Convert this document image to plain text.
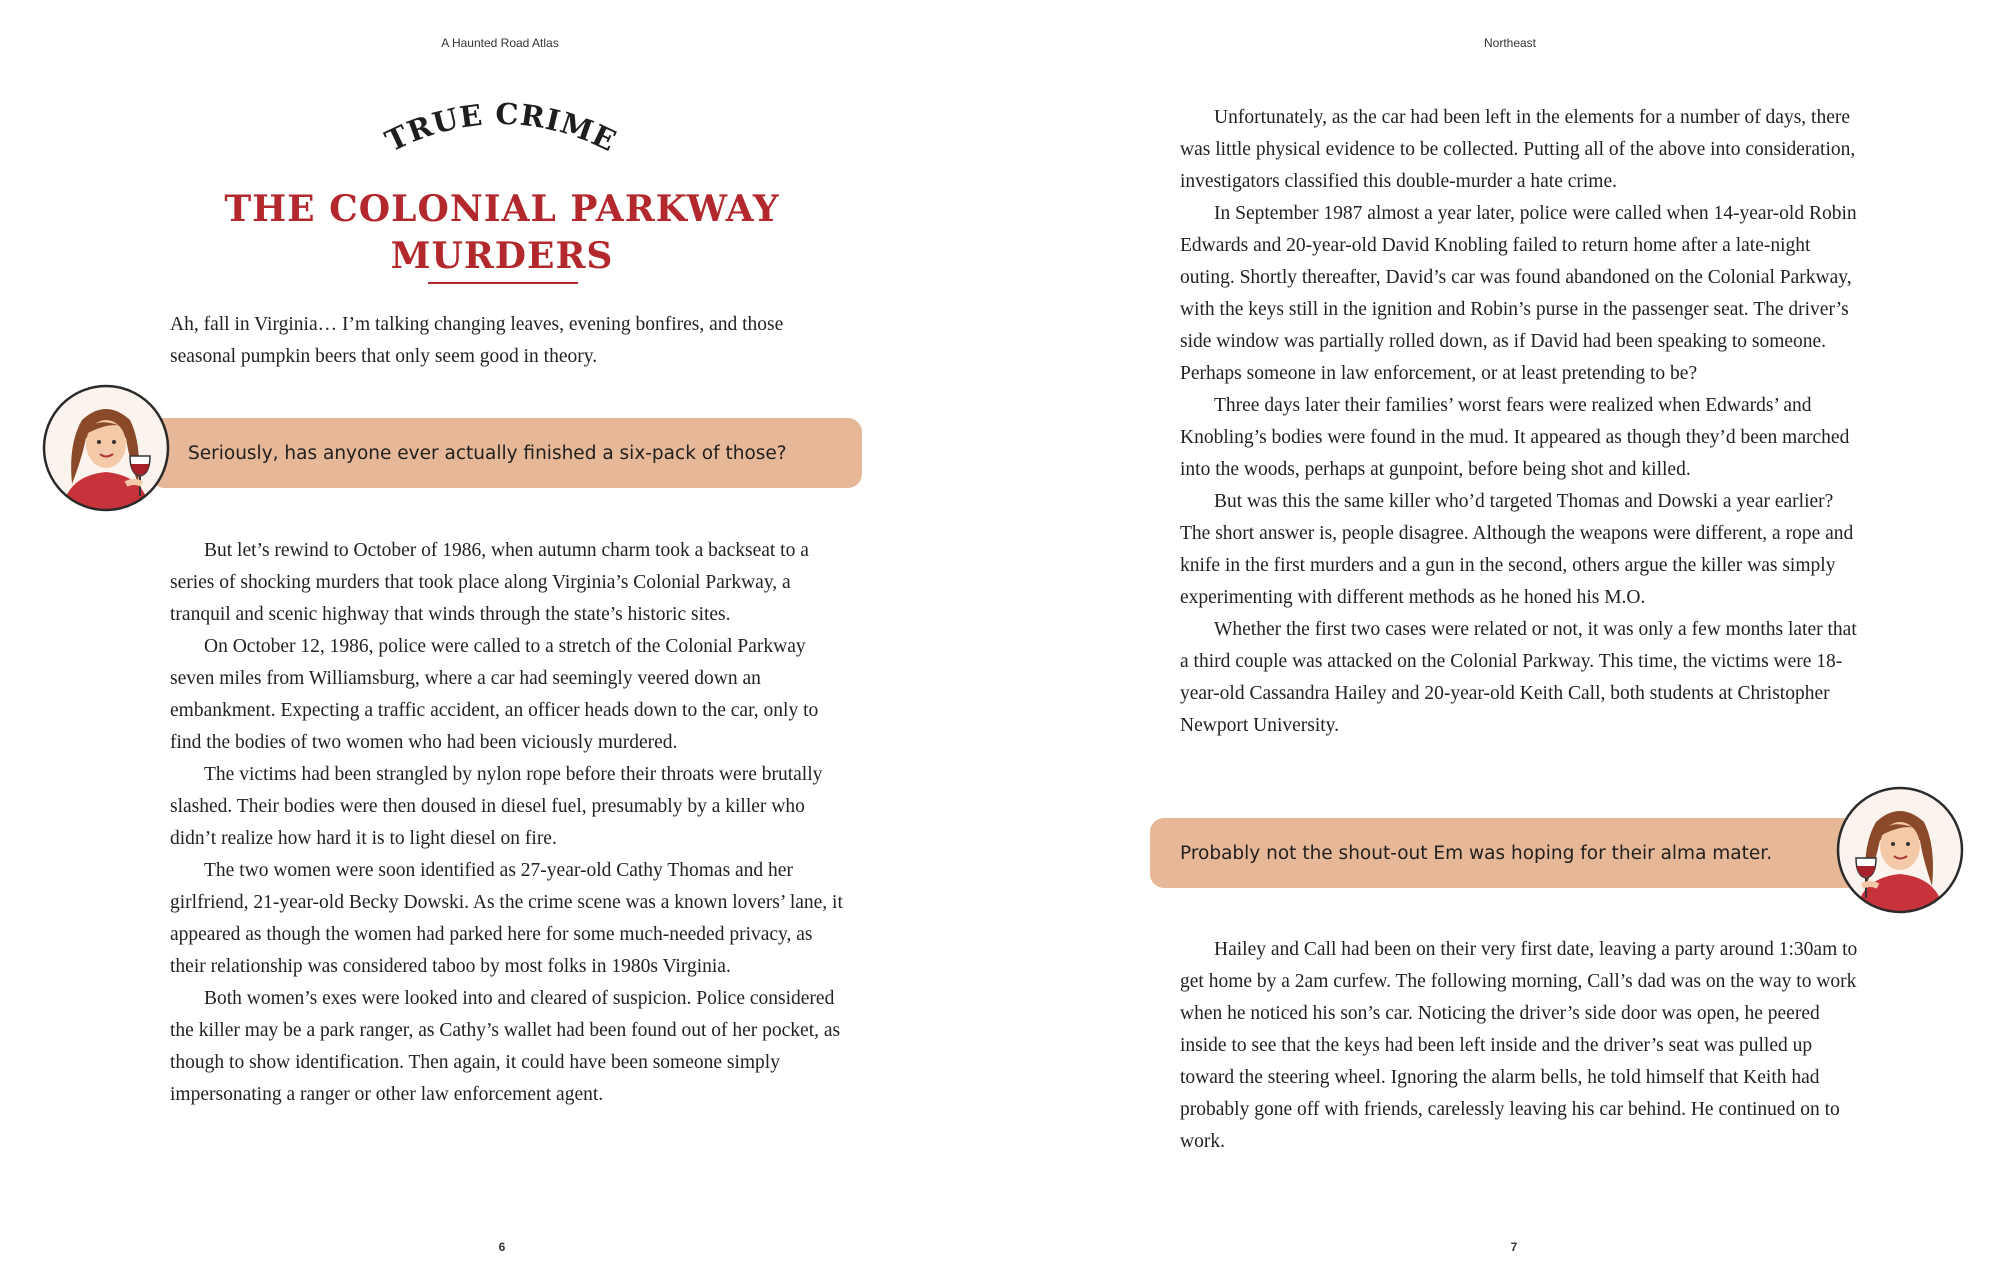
A Haunted Road Atlas
TRUE CRIME
THE COLONIAL PARKWAY
MURDERS

Ah, fall in Virginia… I’m talking changing leaves, evening bonfires, and those seasonal pumpkin beers that only seem good in theory.

Seriously, has anyone ever actually finished a six-pack of those?

But let’s rewind to October of 1986, when autumn charm took a backseat to a series of shocking murders that took place along Virginia’s Colonial Parkway, a tranquil and scenic highway that winds through the state’s historic sites.

On October 12, 1986, police were called to a stretch of the Colonial Parkway seven miles from Williamsburg, where a car had seemingly veered down an embankment. Expecting a traffic accident, an officer heads down to the car, only to find the bodies of two women who had been viciously murdered.

The victims had been strangled by nylon rope before their throats were brutally slashed. Their bodies were then doused in diesel fuel, presumably by a killer who didn’t realize how hard it is to light diesel on fire.

The two women were soon identified as 27-year-old Cathy Thomas and her girlfriend, 21-year-old Becky Dowski. As the crime scene was a known lovers’ lane, it appeared as though the women had parked here for some much-needed privacy, as their relationship was considered taboo by most folks in 1980s Virginia.

Both women’s exes were looked into and cleared of suspicion. Police considered the killer may be a park ranger, as Cathy’s wallet had been found out of her pocket, as though to show identification. Then again, it could have been someone simply impersonating a ranger or other law enforcement agent.

6
Northeast

Unfortunately, as the car had been left in the elements for a number of days, there was little physical evidence to be collected. Putting all of the above into consideration, investigators classified this double-murder a hate crime.

In September 1987 almost a year later, police were called when 14-year-old Robin Edwards and 20-year-old David Knobling failed to return home after a late-night outing. Shortly thereafter, David’s car was found abandoned on the Colonial Parkway, with the keys still in the ignition and Robin’s purse in the passenger seat. The driver’s side window was partially rolled down, as if David had been speaking to someone. Perhaps someone in law enforcement, or at least pretending to be?

Three days later their families’ worst fears were realized when Edwards’ and Knobling’s bodies were found in the mud. It appeared as though they’d been marched into the woods, perhaps at gunpoint, before being shot and killed.

But was this the same killer who’d targeted Thomas and Dowski a year earlier? The short answer is, people disagree. Although the weapons were different, a rope and knife in the first murders and a gun in the second, others argue the killer was simply experimenting with different methods as he honed his M.O.

Whether the first two cases were related or not, it was only a few months later that a third couple was attacked on the Colonial Parkway. This time, the victims were 18-year-old Cassandra Hailey and 20-year-old Keith Call, both students at Christopher Newport University.

Probably not the shout-out Em was hoping for their alma mater.

Hailey and Call had been on their very first date, leaving a party around 1:30am to get home by a 2am curfew. The following morning, Call’s dad was on the way to work when he noticed his son’s car. Noticing the driver’s side door was open, he peered inside to see that the keys had been left inside and the driver’s seat was pulled up toward the steering wheel. Ignoring the alarm bells, he told himself that Keith had probably gone off with friends, carelessly leaving his car behind. He continued on to work.

7
